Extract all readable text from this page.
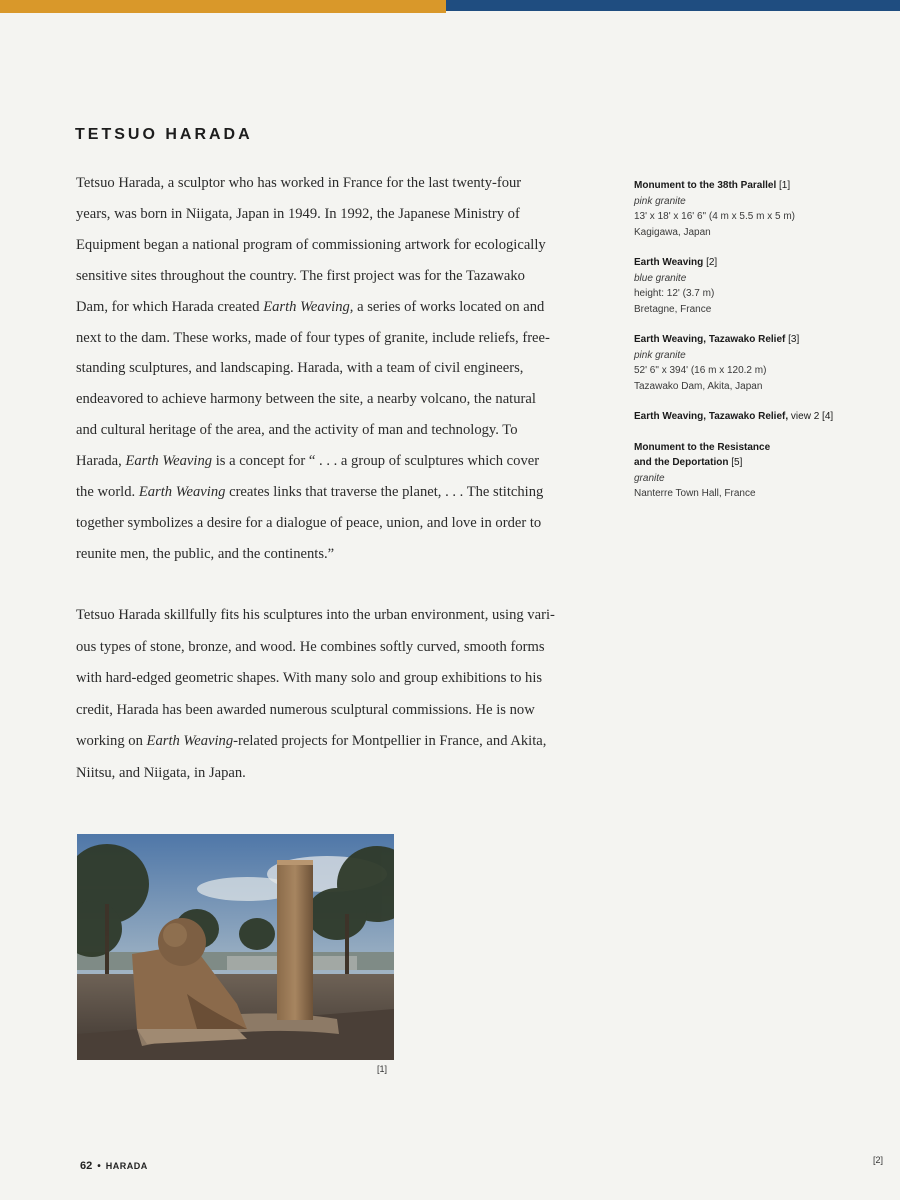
TETSUO HARADA
Tetsuo Harada, a sculptor who has worked in France for the last twenty-four
years, was born in Niigata, Japan in 1949. In 1992, the Japanese Ministry of
Equipment began a national program of commissioning artwork for ecologically
sensitive sites throughout the country. The first project was for the Tazawako
Dam, for which Harada created Earth Weaving, a series of works located on and
next to the dam. These works, made of four types of granite, include reliefs, free-
standing sculptures, and landscaping. Harada, with a team of civil engineers,
endeavored to achieve harmony between the site, a nearby volcano, the natural
and cultural heritage of the area, and the activity of man and technology. To
Harada, Earth Weaving is a concept for “ . . . a group of sculptures which cover
the world. Earth Weaving creates links that traverse the planet, . . . The stitching
together symbolizes a desire for a dialogue of peace, union, and love in order to
reunite men, the public, and the continents.”
Tetsuo Harada skillfully fits his sculptures into the urban environment, using vari-
ous types of stone, bronze, and wood. He combines softly curved, smooth forms
with hard-edged geometric shapes. With many solo and group exhibitions to his
credit, Harada has been awarded numerous sculptural commissions. He is now
working on Earth Weaving-related projects for Montpellier in France, and Akita,
Niitsu, and Niigata, in Japan.
Monument to the 38th Parallel [1]
pink granite
13' x 18' x 16' 6" (4 m x 5.5 m x 5 m)
Kagigawa, Japan
Earth Weaving [2]
blue granite
height: 12' (3.7 m)
Bretagne, France
Earth Weaving, Tazawako Relief [3]
pink granite
52' 6" x 394' (16 m x 120.2 m)
Tazawako Dam, Akita, Japan
Earth Weaving, Tazawako Relief, view 2 [4]
Monument to the Resistance
and the Deportation [5]
granite
Nanterre Town Hall, France
[1]
62 • HARADA
[2]
